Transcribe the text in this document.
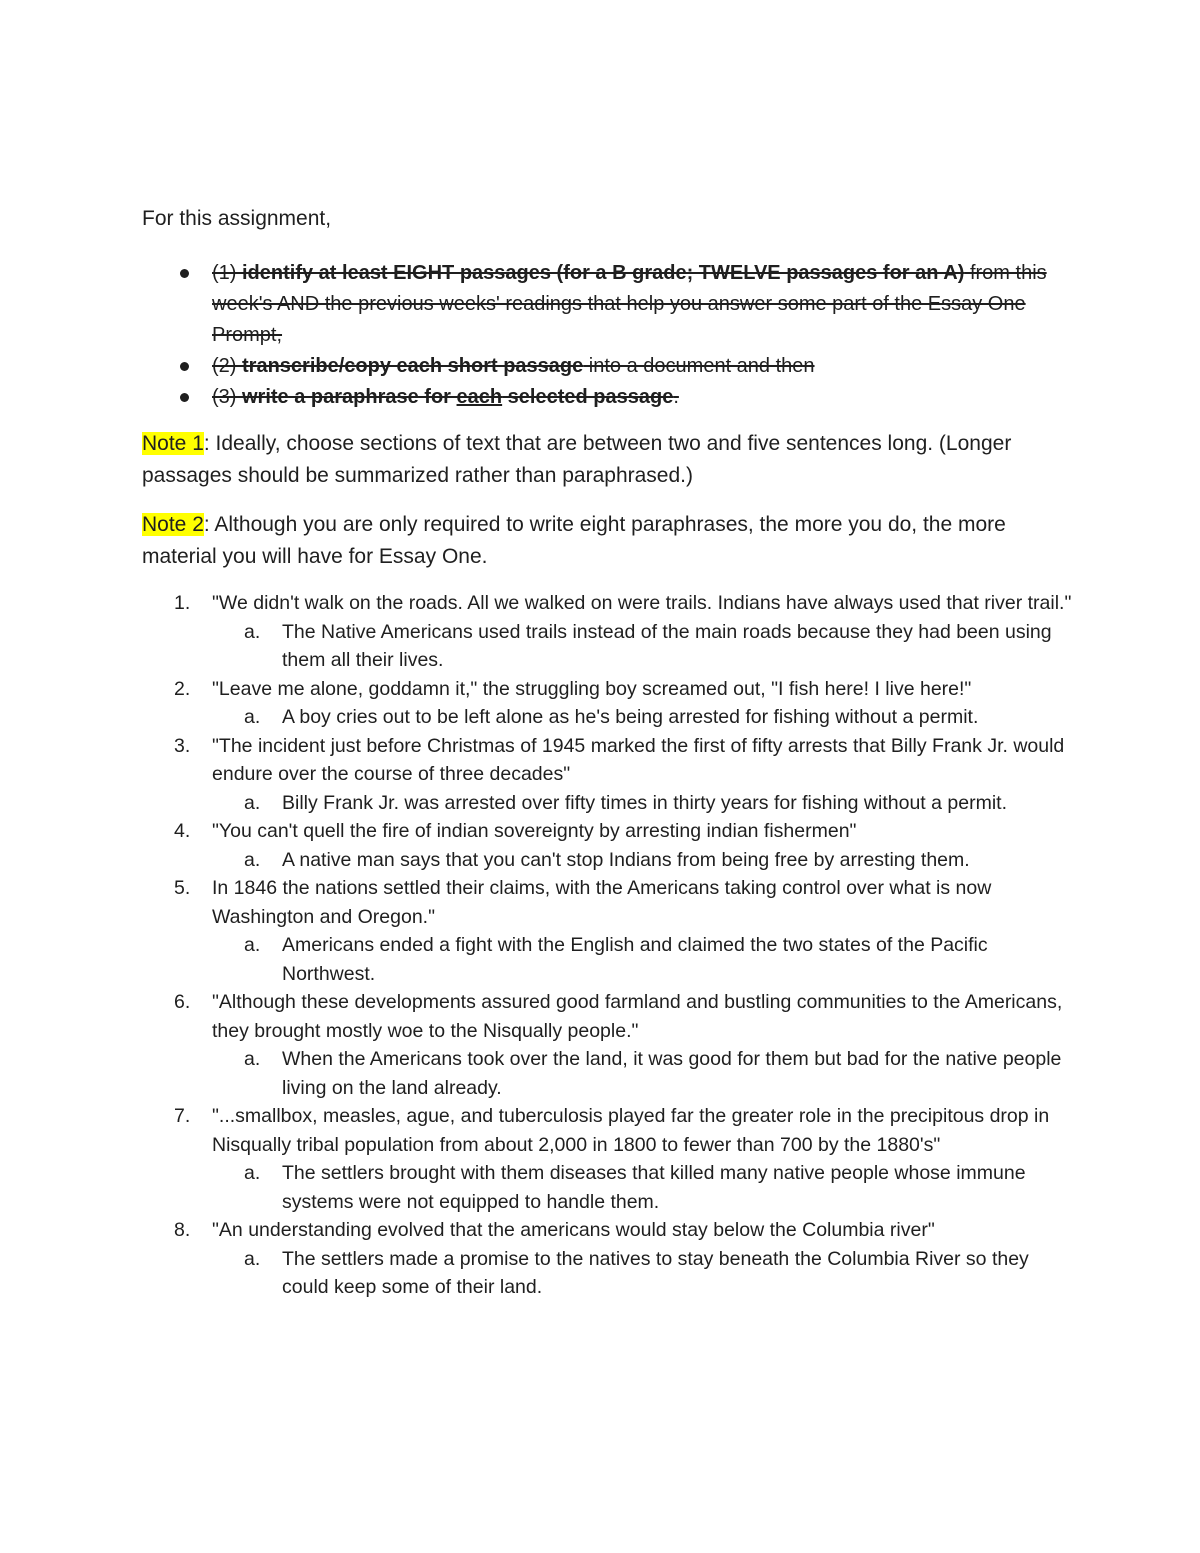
For this assignment,

(1) identify at least EIGHT passages (for a B grade; TWELVE passages for an A) from this week's AND the previous weeks' readings that help you answer some part of the Essay One Prompt,
(2) transcribe/copy each short passage into a document and then
(3) write a paraphrase for each selected passage.

Note 1: Ideally, choose sections of text that are between two and five sentences long. (Longer passages should be summarized rather than paraphrased.)

Note 2: Although you are only required to write eight paraphrases, the more you do, the more material you will have for Essay One.

1. "We didn't walk on the roads. All we walked on were trails. Indians have always used that river trail."
a. The Native Americans used trails instead of the main roads because they had been using them all their lives.
2. "Leave me alone, goddamn it," the struggling boy screamed out, "I fish here! I live here!"
a. A boy cries out to be left alone as he's being arrested for fishing without a permit.
3. "The incident just before Christmas of 1945 marked the first of fifty arrests that Billy Frank Jr. would endure over the course of three decades"
a. Billy Frank Jr. was arrested over fifty times in thirty years for fishing without a permit.
4. "You can't quell the fire of indian sovereignty by arresting indian fishermen"
a. A native man says that you can't stop Indians from being free by arresting them.
5. In 1846 the nations settled their claims, with the Americans taking control over what is now Washington and Oregon."
a. Americans ended a fight with the English and claimed the two states of the Pacific Northwest.
6. "Although these developments assured good farmland and bustling communities to the Americans, they brought mostly woe to the Nisqually people."
a. When the Americans took over the land, it was good for them but bad for the native people living on the land already.
7. "...smallbox, measles, ague, and tuberculosis played far the greater role in the precipitous drop in Nisqually tribal population from about 2,000 in 1800 to fewer than 700 by the 1880's"
a. The settlers brought with them diseases that killed many native people whose immune systems were not equipped to handle them.
8. "An understanding evolved that the americans would stay below the Columbia river"
a. The settlers made a promise to the natives to stay beneath the Columbia River so they could keep some of their land.
